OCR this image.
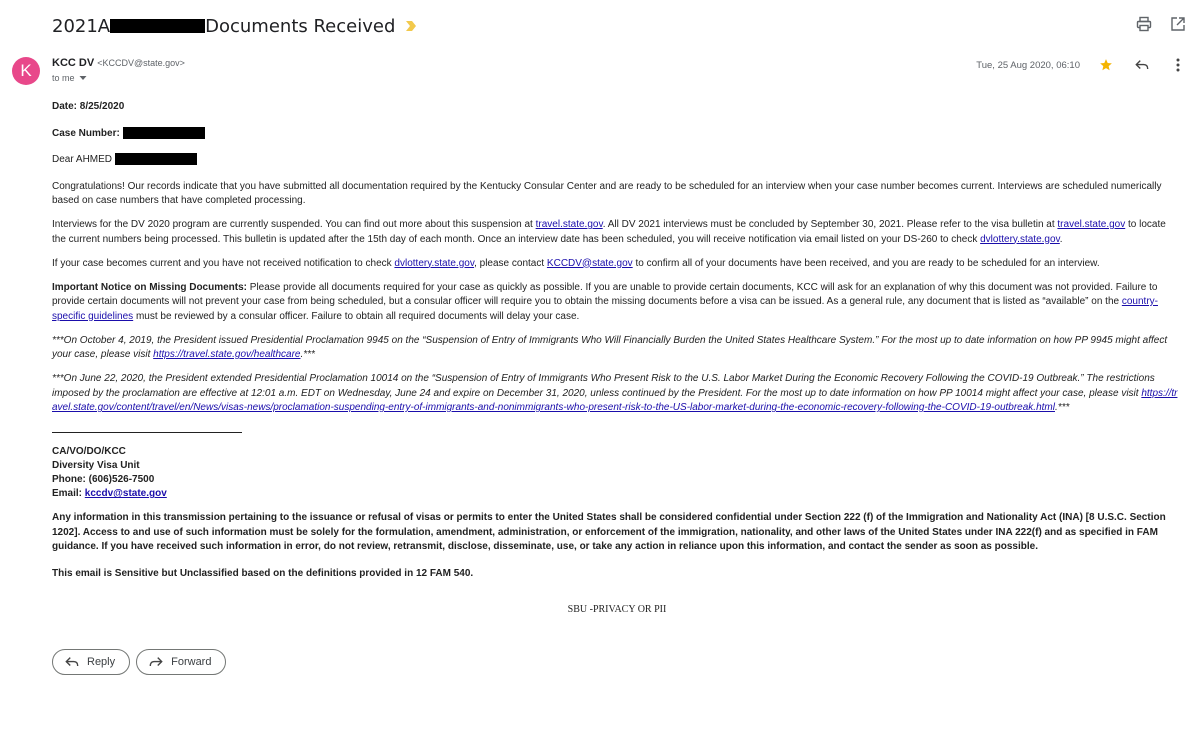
2021A	Documents Received
K KCC DV <KCCDV@state.gov>
to me
Tue, 25 Aug 2020, 06:10

Date: 8/25/2020

Case Number:

Dear AHMED

Congratulations! Our records indicate that you have submitted all documentation required by the Kentucky Consular Center and are ready to be scheduled for an interview when your case number becomes current. Interviews are scheduled numerically based on case numbers that have completed processing.

Interviews for the DV 2020 program are currently suspended. You can find out more about this suspension at travel.state.gov. All DV 2021 interviews must be concluded by September 30, 2021. Please refer to the visa bulletin at travel.state.gov to locate the current numbers being processed. This bulletin is updated after the 15th day of each month. Once an interview date has been scheduled, you will receive notification via email listed on your DS-260 to check dvlottery.state.gov.

If your case becomes current and you have not received notification to check dvlottery.state.gov, please contact KCCDV@state.gov to confirm all of your documents have been received, and you are ready to be scheduled for an interview.

Important Notice on Missing Documents: Please provide all documents required for your case as quickly as possible. If you are unable to provide certain documents, KCC will ask for an explanation of why this document was not provided. Failure to provide certain documents will not prevent your case from being scheduled, but a consular officer will require you to obtain the missing documents before a visa can be issued. As a general rule, any document that is listed as “available” on the country-specific guidelines must be reviewed by a consular officer. Failure to obtain all required documents will delay your case.

***On October 4, 2019, the President issued Presidential Proclamation 9945 on the “Suspension of Entry of Immigrants Who Will Financially Burden the United States Healthcare System.” For the most up to date information on how PP 9945 might affect your case, please visit https://travel.state.gov/healthcare.***

***On June 22, 2020, the President extended Presidential Proclamation 10014 on the “Suspension of Entry of Immigrants Who Present Risk to the U.S. Labor Market During the Economic Recovery Following the COVID-19 Outbreak.” The restrictions imposed by the proclamation are effective at 12:01 a.m. EDT on Wednesday, June 24 and expire on December 31, 2020, unless continued by the President. For the most up to date information on how PP 10014 might affect your case, please visit https://travel.state.gov/content/travel/en/News/visas-news/proclamation-suspending-entry-of-immigrants-and-nonimmigrants-who-present-risk-to-the-US-labor-market-during-the-economic-recovery-following-the-COVID-19-outbreak.html.***

CA/VO/DO/KCC
Diversity Visa Unit
Phone: (606)526-7500
Email: kccdv@state.gov

Any information in this transmission pertaining to the issuance or refusal of visas or permits to enter the United States shall be considered confidential under Section 222 (f) of the Immigration and Nationality Act (INA) [8 U.S.C. Section 1202]. Access to and use of such information must be solely for the formulation, amendment, administration, or enforcement of the immigration, nationality, and other laws of the United States under INA 222(f) and as specified in FAM guidance. If you have received such information in error, do not review, retransmit, disclose, disseminate, use, or take any action in reliance upon this information, and contact the sender as soon as possible.

This email is Sensitive but Unclassified based on the definitions provided in 12 FAM 540.

SBU -PRIVACY OR PII
Reply	Forward
